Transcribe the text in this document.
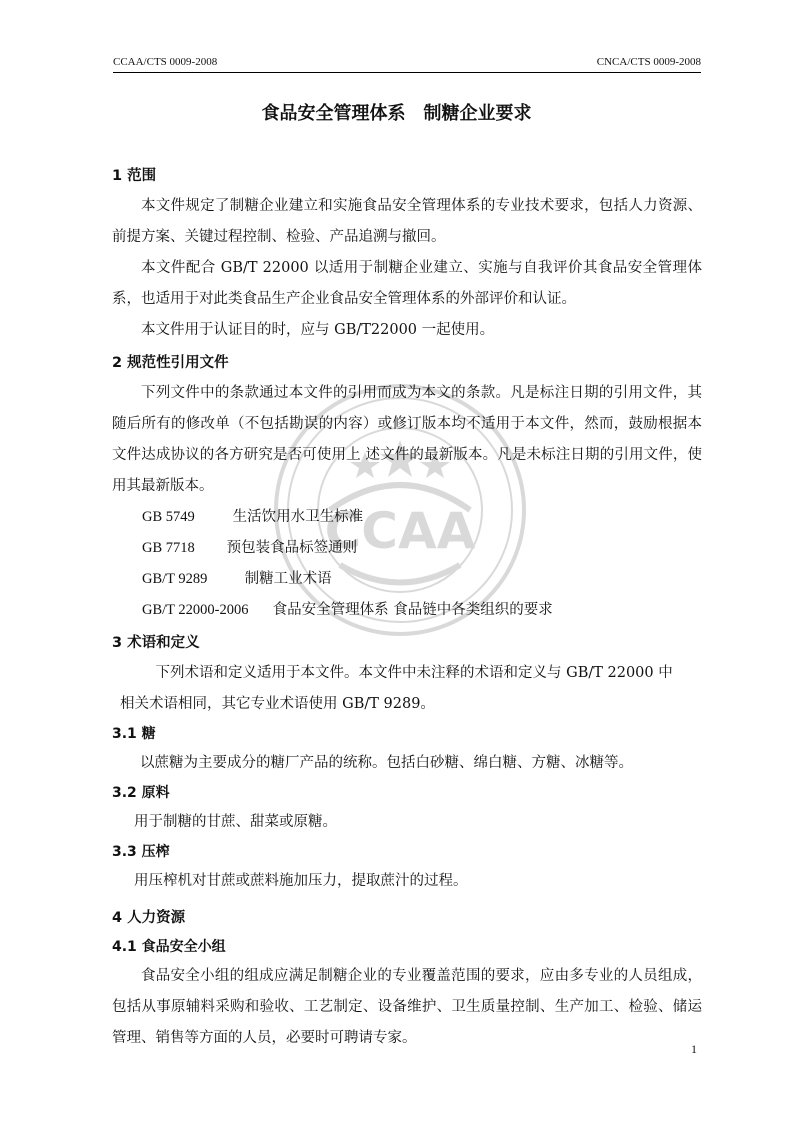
CCAA/CTS 0009-2008	CNCA/CTS 0009-2008
食品安全管理体系　制糖企业要求
CCAA
1 范围
本文件规定了制糖企业建立和实施食品安全管理体系的专业技术要求，包括人力资源、前提方案、关键过程控制、检验、产品追溯与撤回。
本文件配合 GB/T 22000 以适用于制糖企业建立、实施与自我评价其食品安全管理体系，也适用于对此类食品生产企业食品安全管理体系的外部评价和认证。
本文件用于认证目的时，应与 GB/T22000 一起使用。
2 规范性引用文件
下列文件中的条款通过本文件的引用而成为本文的条款。凡是标注日期的引用文件，其随后所有的修改单（不包括勘误的内容）或修订版本均不适用于本文件，然而，鼓励根据本文件达成协议的各方研究是否可使用上 述文件的最新版本。凡是未标注日期的引用文件，使用其最新版本。
GB 5749	生活饮用水卫生标准
GB 7718 预包装食品标签通则
GB/T 9289	制糖工业术语
GB/T 22000-2006 食品安全管理体系 食品链中各类组织的要求
3 术语和定义
下列术语和定义适用于本文件。本文件中未注释的术语和定义与 GB/T 22000 中
相关术语相同，其它专业术语使用 GB/T 9289。
3.1 糖
以蔗糖为主要成分的糖厂产品的统称。包括白砂糖、绵白糖、方糖、冰糖等。
3.2 原料
用于制糖的甘蔗、甜菜或原糖。
3.3 压榨
用压榨机对甘蔗或蔗料施加压力，提取蔗汁的过程。
4 人力资源
4.1 食品安全小组
食品安全小组的组成应满足制糖企业的专业覆盖范围的要求，应由多专业的人员组成，包括从事原辅料采购和验收、工艺制定、设备维护、卫生质量控制、生产加工、检验、储运管理、销售等方面的人员，必要时可聘请专家。
1
